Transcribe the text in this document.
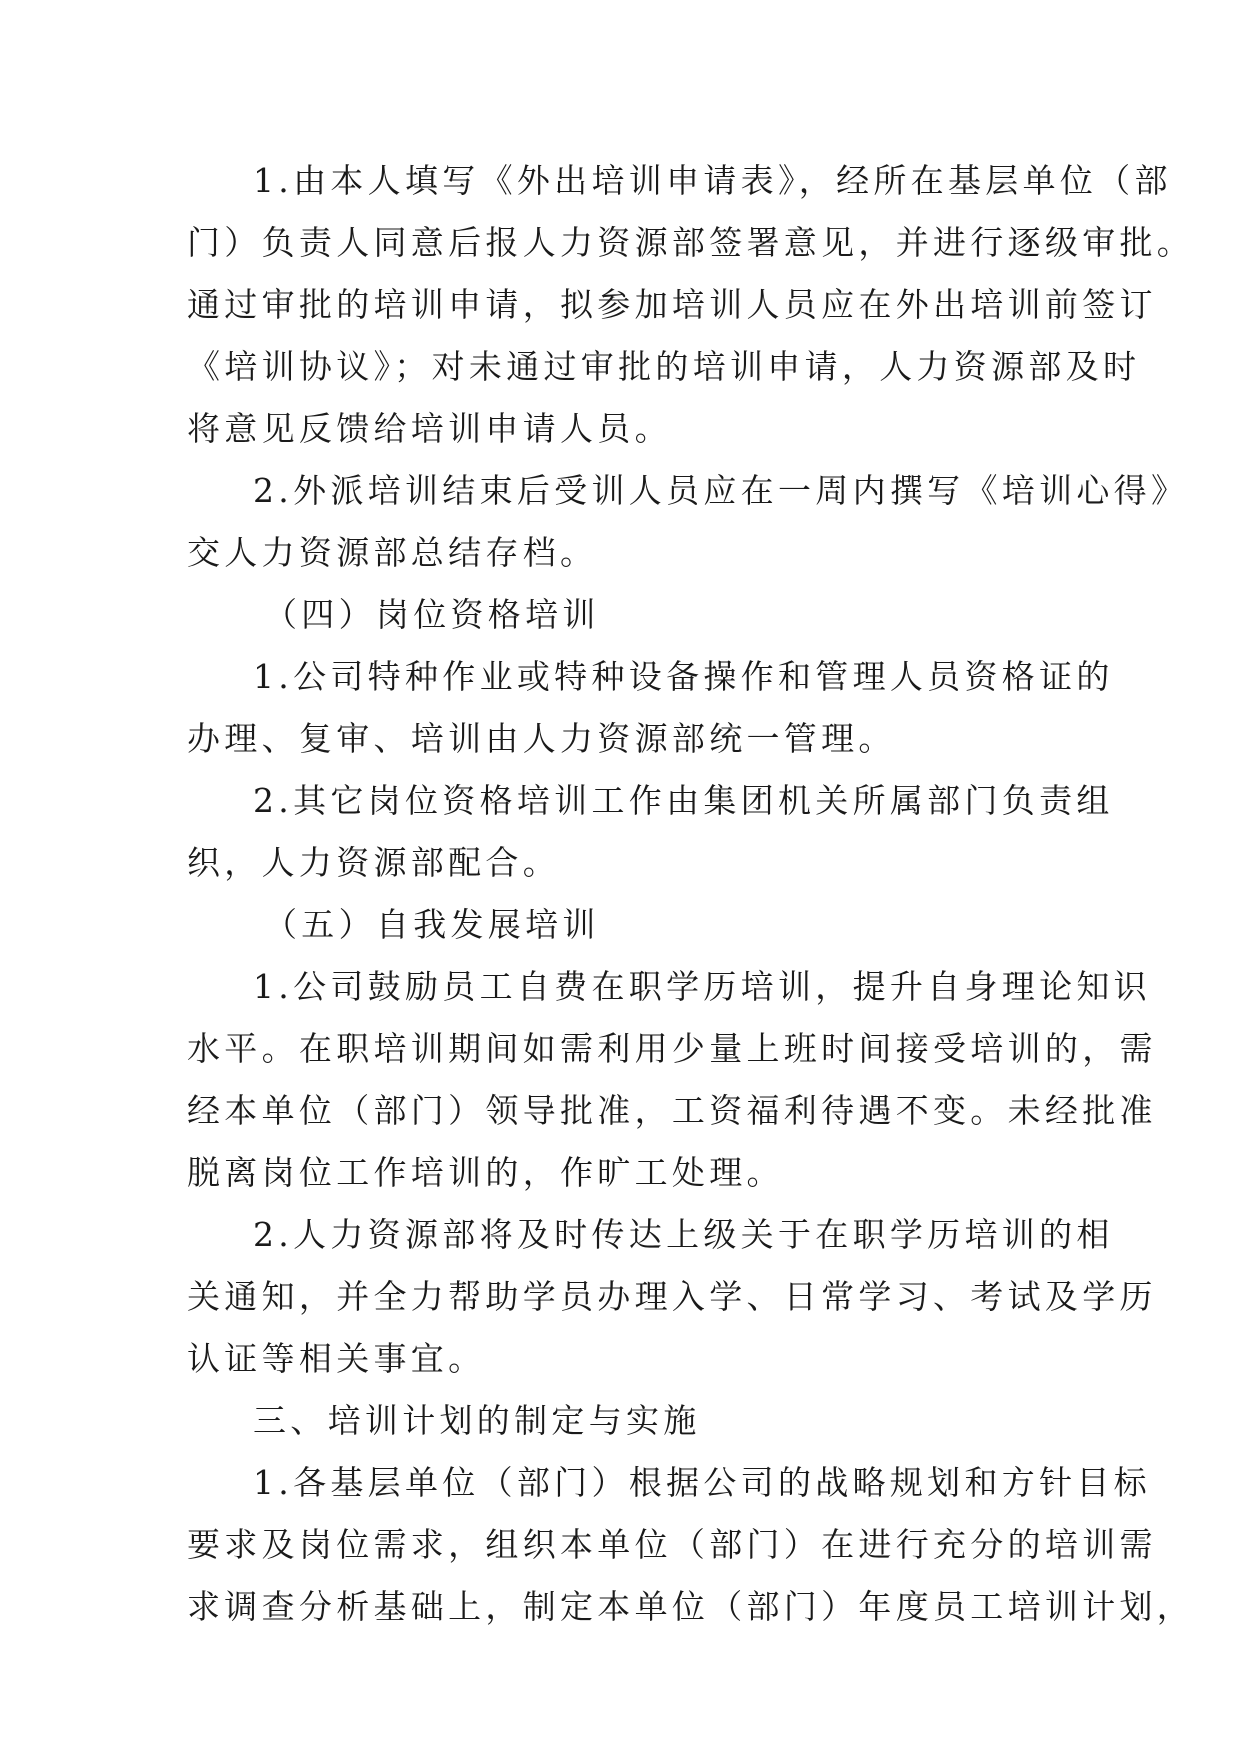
1.由本人填写《外出培训申请表》，经所在基层单位（部
门）负责人同意后报人力资源部签署意见，并进行逐级审批。
通过审批的培训申请，拟参加培训人员应在外出培训前签订
《培训协议》；对未通过审批的培训申请，人力资源部及时
将意见反馈给培训申请人员。
2.外派培训结束后受训人员应在一周内撰写《培训心得》
交人力资源部总结存档。
（四）岗位资格培训
1.公司特种作业或特种设备操作和管理人员资格证的
办理、复审、培训由人力资源部统一管理。
2.其它岗位资格培训工作由集团机关所属部门负责组
织，人力资源部配合。
（五）自我发展培训
1.公司鼓励员工自费在职学历培训，提升自身理论知识
水平。在职培训期间如需利用少量上班时间接受培训的，需
经本单位（部门）领导批准，工资福利待遇不变。未经批准
脱离岗位工作培训的，作旷工处理。
2.人力资源部将及时传达上级关于在职学历培训的相
关通知，并全力帮助学员办理入学、日常学习、考试及学历
认证等相关事宜。
三、培训计划的制定与实施
1.各基层单位（部门）根据公司的战略规划和方针目标
要求及岗位需求，组织本单位（部门）在进行充分的培训需
求调查分析基础上，制定本单位（部门）年度员工培训计划，
